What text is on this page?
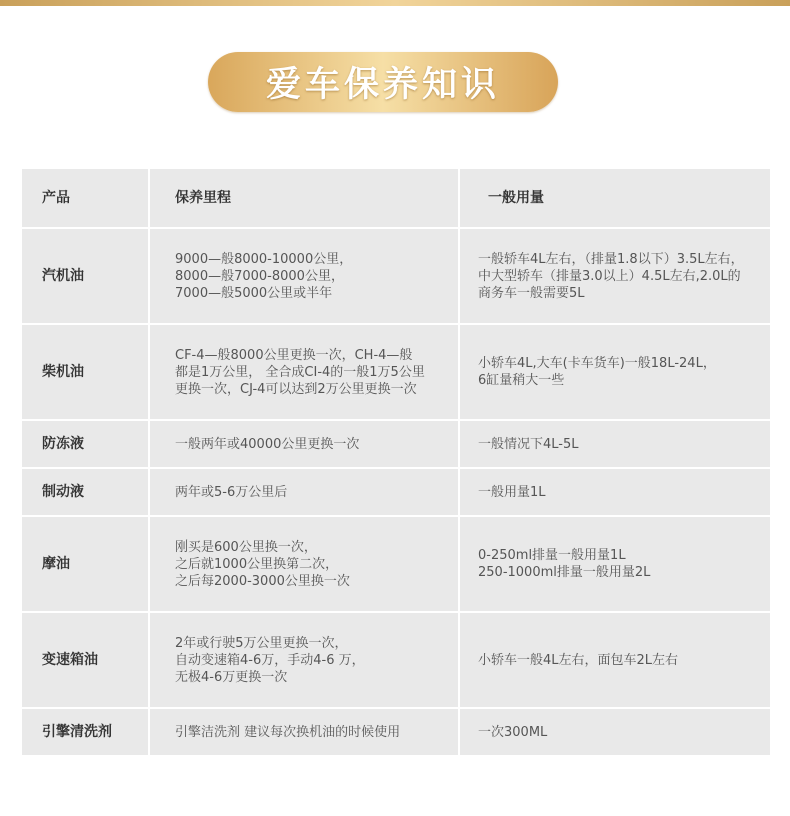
爱车保养知识
产品	保养里程	一般用量
汽机油	9000—般8000-10000公里，
8000—般7000-8000公里，
7000—般5000公里或半年	一般轿车4L左右，（排量1.8以下）3.5L左右，
中大型轿车（排量3.0以上）4.5L左右,2.0L的
商务车一般需要5L
柴机油	CF-4—般8000公里更换一次，CH-4—般
都是1万公里， 全合成CI-4的一般1万5公里
更换一次，CJ-4可以达到2万公里更换一次	小轿车4L,大车(卡车货车)一般18L-24L，
6缸量稍大一些
防冻液	一般两年或40000公里更换一次	一般情况下4L-5L
制动液	两年或5-6万公里后	一般用量1L
摩油	刚买是600公里换一次，
之后就1000公里换第二次，
之后每2000-3000公里换一次	0-250ml排量一般用量1L
250-1000ml排量一般用量2L
变速箱油	2年或行驶5万公里更换一次，
自动变速箱4-6万，手动4-6 万，
无极4-6万更换一次	小轿车一般4L左右，面包车2L左右
引擎清洗剂	引擎洁洗剂 建议每次换机油的时候使用	一次300ML
